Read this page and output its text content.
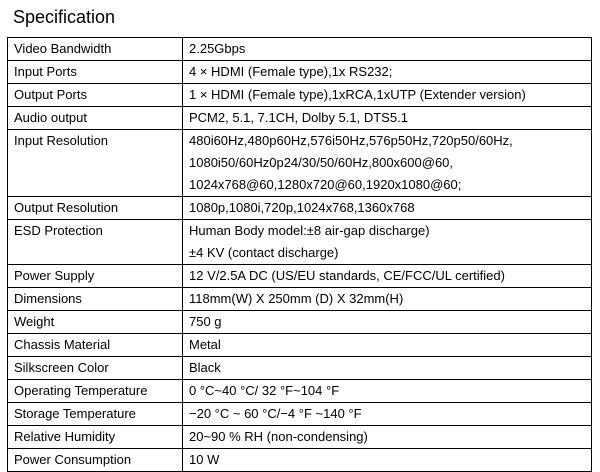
Specification
Video Bandwidth	2.25Gbps

Input Ports	4 × HDMI (Female type),1x RS232;

Output Ports	1 × HDMI (Female type),1xRCA,1xUTP (Extender version)

Audio output	PCM2, 5.1, 7.1CH, Dolby 5.1, DTS5.1

Input Resolution	480i60Hz,480p60Hz,576i50Hz,576p50Hz,720p50/60Hz,
1080i50/60Hz0p24/30/50/60Hz,800x600@60,
1024x768@60,1280x720@60,1920x1080@60;

Output Resolution	1080p,1080i,720p,1024x768,1360x768

ESD Protection	Human Body model:±8 air-gap discharge)
±4 KV (contact discharge)

Power Supply	12 V/2.5A DC (US/EU standards, CE/FCC/UL certified)

Dimensions	118mm(W) X 250mm (D) X 32mm(H)

Weight	750 g

Chassis Material	Metal

Silkscreen Color	Black

Operating Temperature	0 °C~40 °C/ 32 °F~104 °F

Storage Temperature	−20 °C ~ 60 °C/−4 °F ~140 °F

Relative Humidity	20~90 % RH (non-condensing)

Power Consumption	10 W
